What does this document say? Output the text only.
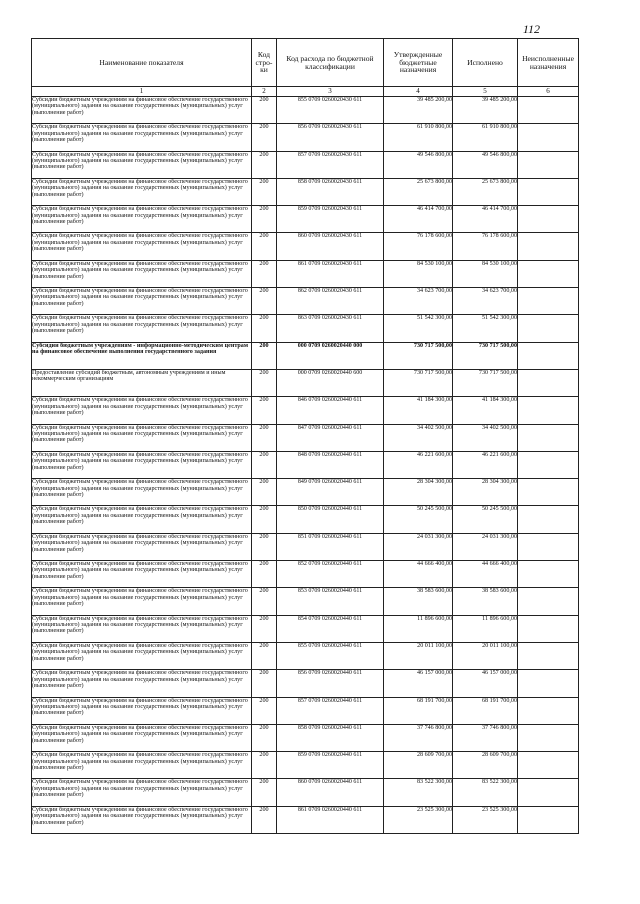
112
Наименование показателя	Код стро- ки	Код расхода по бюджетной классификации	Утвержденные бюджетные назначения	Исполнено	Неисполненные назначения
1	2	3	4	5	6
Субсидии бюджетным учреждениям на финансовое обеспечение государственного (муниципального) задания на оказание государственных (муниципальных) услуг (выполнение работ)	200	855 0709 0260020430 611	39 485 200,00	39 485 200,00	
Субсидии бюджетным учреждениям на финансовое обеспечение государственного (муниципального) задания на оказание государственных (муниципальных) услуг (выполнение работ)	200	856 0709 0260020430 611	61 910 800,00	61 910 800,00	
Субсидии бюджетным учреждениям на финансовое обеспечение государственного (муниципального) задания на оказание государственных (муниципальных) услуг (выполнение работ)	200	857 0709 0260020430 611	49 546 800,00	49 546 800,00	
Субсидии бюджетным учреждениям на финансовое обеспечение государственного (муниципального) задания на оказание государственных (муниципальных) услуг (выполнение работ)	200	858 0709 0260020430 611	25 673 800,00	25 673 800,00	
Субсидии бюджетным учреждениям на финансовое обеспечение государственного (муниципального) задания на оказание государственных (муниципальных) услуг (выполнение работ)	200	859 0709 0260020430 611	46 414 700,00	46 414 700,00	
Субсидии бюджетным учреждениям на финансовое обеспечение государственного (муниципального) задания на оказание государственных (муниципальных) услуг (выполнение работ)	200	860 0709 0260020430 611	76 178 600,00	76 178 600,00	
Субсидии бюджетным учреждениям на финансовое обеспечение государственного (муниципального) задания на оказание государственных (муниципальных) услуг (выполнение работ)	200	861 0709 0260020430 611	84 530 100,00	84 530 100,00	
Субсидии бюджетным учреждениям на финансовое обеспечение государственного (муниципального) задания на оказание государственных (муниципальных) услуг (выполнение работ)	200	862 0709 0260020430 611	34 623 700,00	34 623 700,00	
Субсидии бюджетным учреждениям на финансовое обеспечение государственного (муниципального) задания на оказание государственных (муниципальных) услуг (выполнение работ)	200	863 0709 0260020430 611	51 542 300,00	51 542 300,00	
Субсидии бюджетным учреждениям - информационно-методическим центрам на финансовое обеспечение выполнения государственного задания	200	000 0709 0260020440 000	730 717 500,00	730 717 500,00	
Предоставление субсидий бюджетным, автономным учреждениям и иным некоммерческим организациям	200	000 0709 0260020440 600	730 717 500,00	730 717 500,00	
Субсидии бюджетным учреждениям на финансовое обеспечение государственного (муниципального) задания на оказание государственных (муниципальных) услуг (выполнение работ)	200	846 0709 0260020440 611	41 184 300,00	41 184 300,00	
Субсидии бюджетным учреждениям на финансовое обеспечение государственного (муниципального) задания на оказание государственных (муниципальных) услуг (выполнение работ)	200	847 0709 0260020440 611	34 402 500,00	34 402 500,00	
Субсидии бюджетным учреждениям на финансовое обеспечение государственного (муниципального) задания на оказание государственных (муниципальных) услуг (выполнение работ)	200	848 0709 0260020440 611	46 221 600,00	46 221 600,00	
Субсидии бюджетным учреждениям на финансовое обеспечение государственного (муниципального) задания на оказание государственных (муниципальных) услуг (выполнение работ)	200	849 0709 0260020440 611	28 304 300,00	28 304 300,00	
Субсидии бюджетным учреждениям на финансовое обеспечение государственного (муниципального) задания на оказание государственных (муниципальных) услуг (выполнение работ)	200	850 0709 0260020440 611	50 245 500,00	50 245 500,00	
Субсидии бюджетным учреждениям на финансовое обеспечение государственного (муниципального) задания на оказание государственных (муниципальных) услуг (выполнение работ)	200	851 0709 0260020440 611	24 031 300,00	24 031 300,00	
Субсидии бюджетным учреждениям на финансовое обеспечение государственного (муниципального) задания на оказание государственных (муниципальных) услуг (выполнение работ)	200	852 0709 0260020440 611	44 666 400,00	44 666 400,00	
Субсидии бюджетным учреждениям на финансовое обеспечение государственного (муниципального) задания на оказание государственных (муниципальных) услуг (выполнение работ)	200	853 0709 0260020440 611	38 583 600,00	38 583 600,00	
Субсидии бюджетным учреждениям на финансовое обеспечение государственного (муниципального) задания на оказание государственных (муниципальных) услуг (выполнение работ)	200	854 0709 0260020440 611	11 896 600,00	11 896 600,00	
Субсидии бюджетным учреждениям на финансовое обеспечение государственного (муниципального) задания на оказание государственных (муниципальных) услуг (выполнение работ)	200	855 0709 0260020440 611	20 011 100,00	20 011 100,00	
Субсидии бюджетным учреждениям на финансовое обеспечение государственного (муниципального) задания на оказание государственных (муниципальных) услуг (выполнение работ)	200	856 0709 0260020440 611	46 157 000,00	46 157 000,00	
Субсидии бюджетным учреждениям на финансовое обеспечение государственного (муниципального) задания на оказание государственных (муниципальных) услуг (выполнение работ)	200	857 0709 0260020440 611	68 191 700,00	68 191 700,00	
Субсидии бюджетным учреждениям на финансовое обеспечение государственного (муниципального) задания на оказание государственных (муниципальных) услуг (выполнение работ)	200	858 0709 0260020440 611	37 746 800,00	37 746 800,00	
Субсидии бюджетным учреждениям на финансовое обеспечение государственного (муниципального) задания на оказание государственных (муниципальных) услуг (выполнение работ)	200	859 0709 0260020440 611	28 609 700,00	28 609 700,00	
Субсидии бюджетным учреждениям на финансовое обеспечение государственного (муниципального) задания на оказание государственных (муниципальных) услуг (выполнение работ)	200	860 0709 0260020440 611	83 522 300,00	83 522 300,00	
Субсидии бюджетным учреждениям на финансовое обеспечение государственного (муниципального) задания на оказание государственных (муниципальных) услуг (выполнение работ)	200	861 0709 0260020440 611	23 525 300,00	23 525 300,00	
